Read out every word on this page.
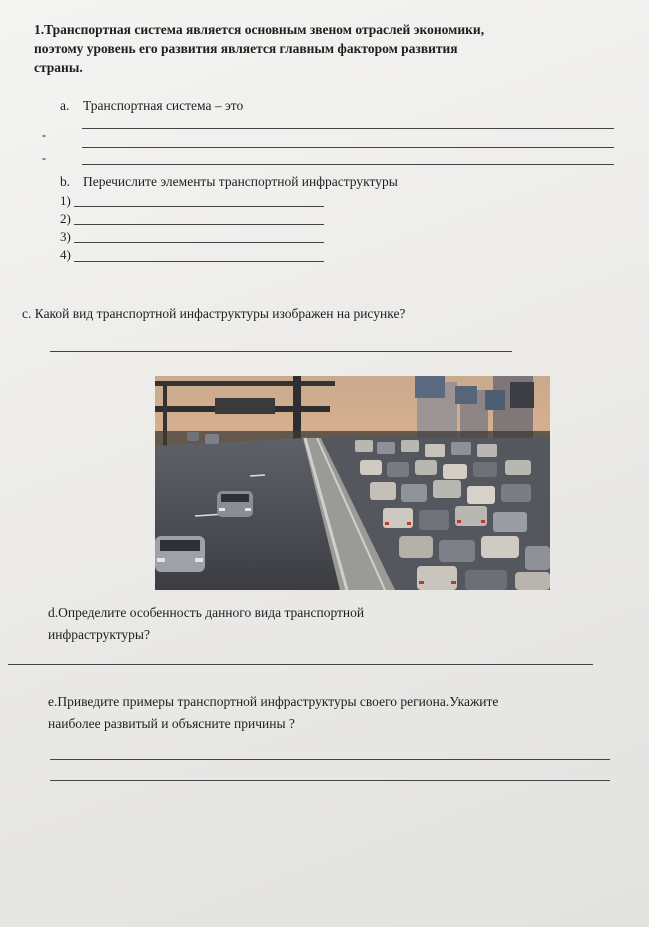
1.Транспортная система является основным звеном отраслей экономики,
поэтому уровень его развития является главным фактором развития
страны.
a. Транспортная система – это
-
-
b. Перечислите элементы транспортной инфраструктуры
1)
2)
3)
4)
c. Какой вид транспортной инфаструктуры изображен на рисунке?
d.Определите особенность данного вида транспортной
инфраструктуры?
e.Приведите примеры транспортной инфраструктуры своего региона.Укажите
наиболее развитый и объясните причины ?
